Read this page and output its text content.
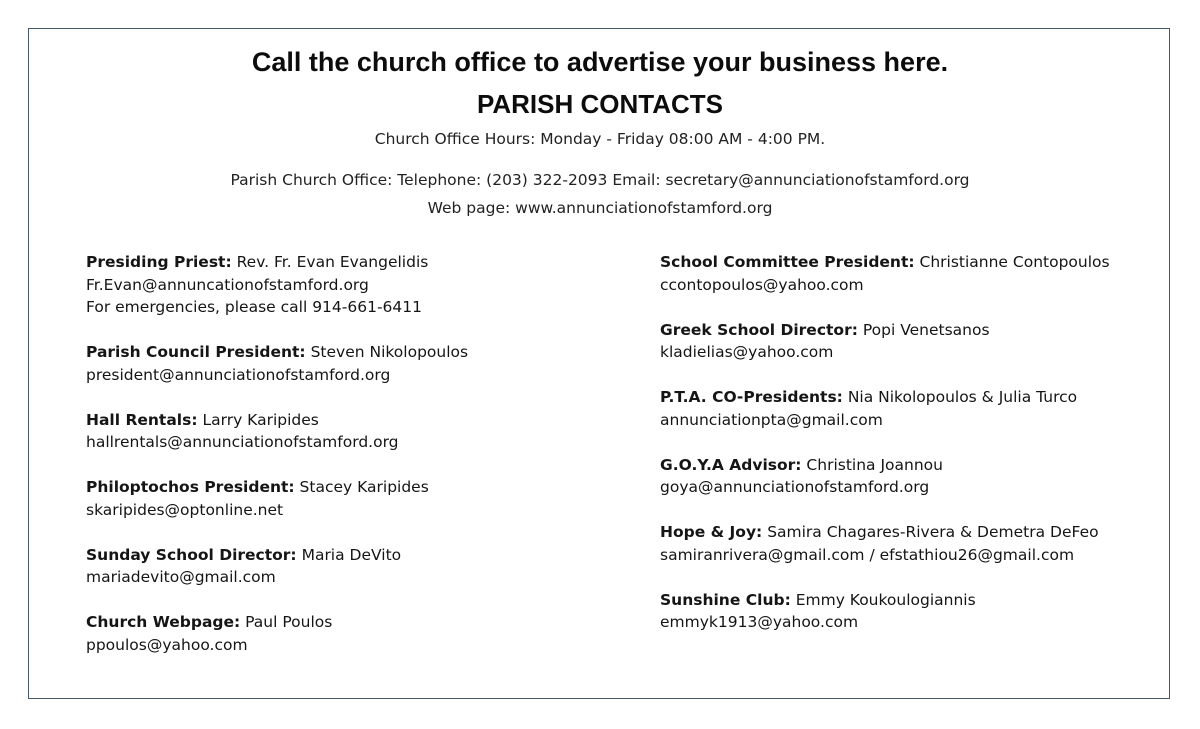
Call the church office to advertise your business here.
PARISH CONTACTS
Church Office Hours: Monday - Friday 08:00 AM - 4:00 PM.
Parish Church Office: Telephone: (203) 322-2093 Email: secretary@annunciationofstamford.org
Web page: www.annunciationofstamford.org
Presiding Priest: Rev. Fr. Evan Evangelidis
Fr.Evan@annuncationofstamford.org
For emergencies, please call 914-661-6411
Parish Council President: Steven Nikolopoulos
president@annunciationofstamford.org
Hall Rentals: Larry Karipides
hallrentals@annunciationofstamford.org
Philoptochos President: Stacey Karipides
skaripides@optonline.net
Sunday School Director: Maria DeVito
mariadevito@gmail.com
Church Webpage: Paul Poulos
ppoulos@yahoo.com
School Committee President: Christianne Contopoulos
ccontopoulos@yahoo.com
Greek School Director: Popi Venetsanos
kladielias@yahoo.com
P.T.A. CO-Presidents: Nia Nikolopoulos & Julia Turco
annunciationpta@gmail.com
G.O.Y.A Advisor: Christina Joannou
goya@annunciationofstamford.org
Hope & Joy: Samira Chagares-Rivera & Demetra DeFeo
samiranrivera@gmail.com / efstathiou26@gmail.com
Sunshine Club: Emmy Koukoulogiannis
emmyk1913@yahoo.com
